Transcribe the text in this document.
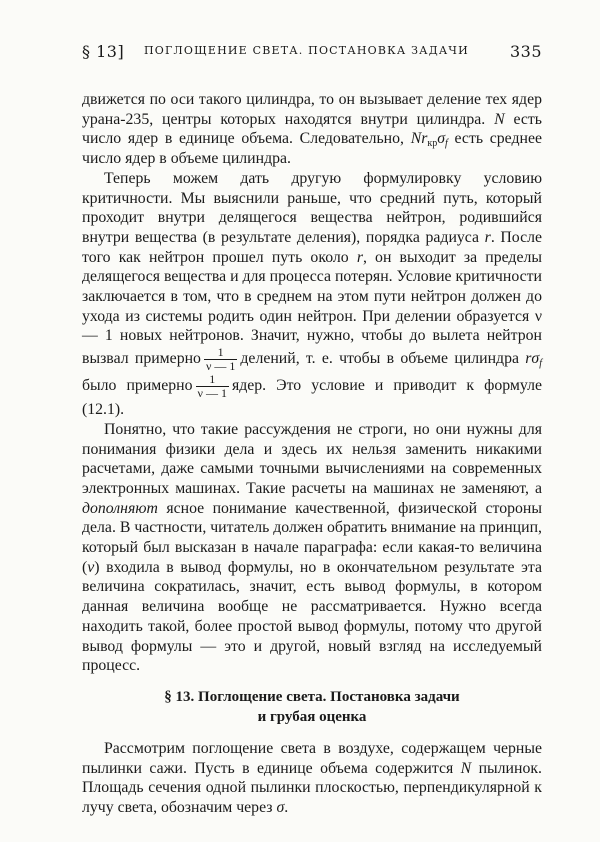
§ 13] ПОГЛОЩЕНИЕ СВЕТА. ПОСТАНОВКА ЗАДАЧИ	335

движется по оси такого цилиндра, то он вызывает деление тех ядер урана-235, центры которых находятся внутри цилиндра. N есть число ядер в единице объема. Следовательно, $Nr_{кр}\sigma_f$ есть среднее число ядер в объеме цилиндра.

Теперь можем дать другую формулировку условию критичности. Мы выяснили раньше, что средний путь, который проходит внутри делящегося вещества нейтрон, родившийся внутри вещества (в результате деления), порядка радиуса r. После того как нейтрон прошел путь около r, он выходит за пределы делящегося вещества и для процесса потерян. Условие критичности заключается в том, что в среднем на этом пути нейтрон должен до ухода из системы родить один нейтрон. При делении образуется ν — 1 новых нейтронов. Значит, нужно, чтобы до вылета нейтрон вызвал примерно $\frac{1}{\nu — 1}$ делений, т. е. чтобы в объеме цилиндра $r\sigma_f$ было примерно $\frac{1}{\nu — 1}$ ядер. Это условие и приводит к формуле (12.1).

Понятно, что такие рассуждения не строги, но они нужны для понимания физики дела и здесь их нельзя заменить никакими расчетами, даже самыми точными вычислениями на современных электронных машинах. Такие расчеты на машинах не заменяют, а дополняют ясное понимание качественной, физической стороны дела. В частности, читатель должен обратить внимание на принцип, который был высказан в начале параграфа: если какая-то величина (v) входила в вывод формулы, но в окончательном результате эта величина сократилась, значит, есть вывод формулы, в котором данная величина вообще не рассматривается. Нужно всегда находить такой, более простой вывод формулы, потому что другой вывод формулы — это и другой, новый взгляд на исследуемый процесс.

§ 13. Поглощение света. Постановка задачи
и грубая оценка

Рассмотрим поглощение света в воздухе, содержащем черные пылинки сажи. Пусть в единице объема содержится N пылинок. Площадь сечения одной пылинки плоскостью, перпендикулярной к лучу света, обозначим через σ.
